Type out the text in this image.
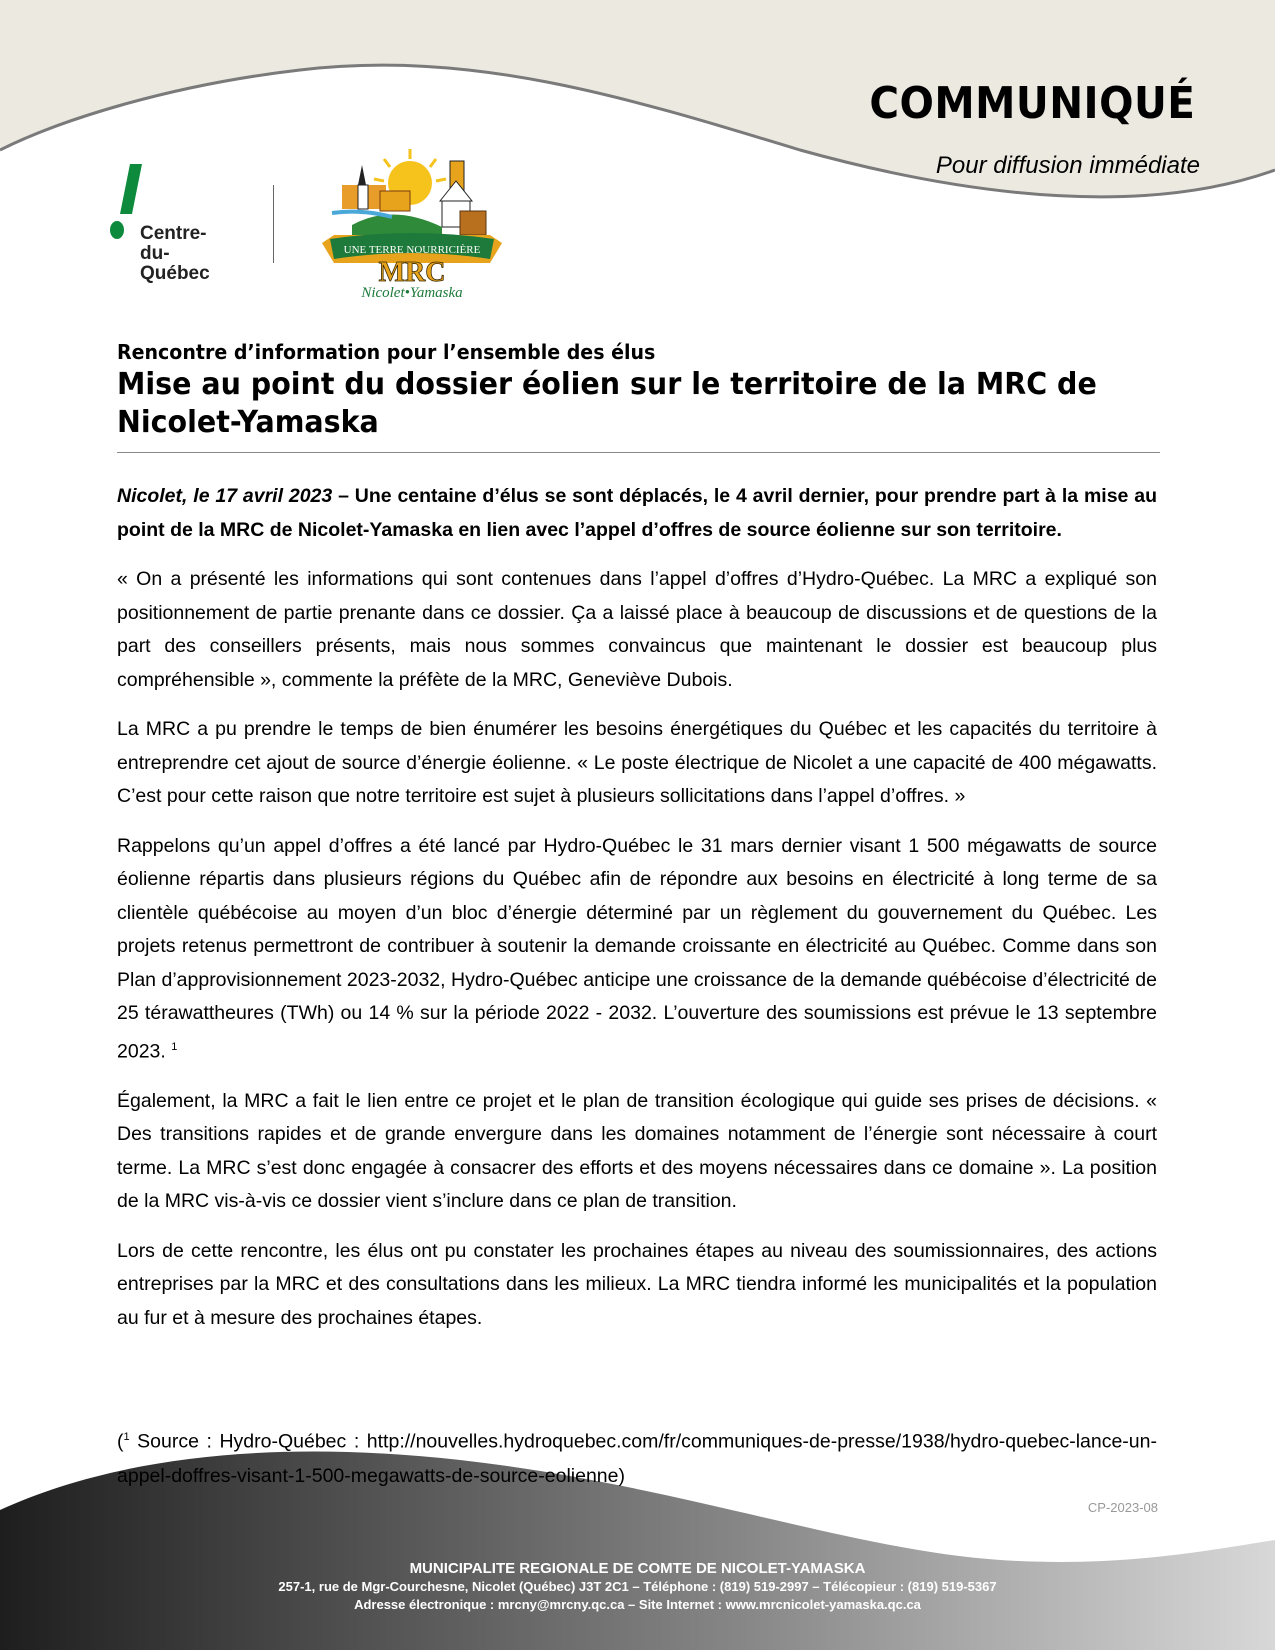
COMMUNIQUÉ
Pour diffusion immédiate
Centre-
du-
Québec
UNE TERRE NOURRICIÈRE
MRC
Nicolet•Yamaska
Rencontre d’information pour l’ensemble des élus
Mise au point du dossier éolien sur le territoire de la MRC de Nicolet-Yamaska

Nicolet, le 17 avril 2023 – Une centaine d’élus se sont déplacés, le 4 avril dernier, pour prendre part à la mise au point de la MRC de Nicolet-Yamaska en lien avec l’appel d’offres de source éolienne sur son territoire.

« On a présenté les informations qui sont contenues dans l’appel d’offres d’Hydro-Québec. La MRC a expliqué son positionnement de partie prenante dans ce dossier. Ça a laissé place à beaucoup de discussions et de questions de la part des conseillers présents, mais nous sommes convaincus que maintenant le dossier est beaucoup plus compréhensible », commente la préfète de la MRC, Geneviève Dubois.

La MRC a pu prendre le temps de bien énumérer les besoins énergétiques du Québec et les capacités du territoire à entreprendre cet ajout de source d’énergie éolienne. « Le poste électrique de Nicolet a une capacité de 400 mégawatts. C’est pour cette raison que notre territoire est sujet à plusieurs sollicitations dans l’appel d’offres. »

Rappelons qu’un appel d’offres a été lancé par Hydro-Québec le 31 mars dernier visant 1 500 mégawatts de source éolienne répartis dans plusieurs régions du Québec afin de répondre aux besoins en électricité à long terme de sa clientèle québécoise au moyen d’un bloc d’énergie déterminé par un règlement du gouvernement du Québec. Les projets retenus permettront de contribuer à soutenir la demande croissante en électricité au Québec. Comme dans son Plan d’approvisionnement 2023-2032, Hydro-Québec anticipe une croissance de la demande québécoise d’électricité de 25 térawattheures (TWh) ou 14 % sur la période 2022 - 2032. L’ouverture des soumissions est prévue le 13 septembre 2023. $^1$

Également, la MRC a fait le lien entre ce projet et le plan de transition écologique qui guide ses prises de décisions. « Des transitions rapides et de grande envergure dans les domaines notamment de l’énergie sont nécessaire à court terme. La MRC s’est donc engagée à consacrer des efforts et des moyens nécessaires dans ce domaine ». La position de la MRC vis-à-vis ce dossier vient s’inclure dans ce plan de transition.

Lors de cette rencontre, les élus ont pu constater les prochaines étapes au niveau des soumissionnaires, des actions entreprises par la MRC et des consultations dans les milieux. La MRC tiendra informé les municipalités et la population au fur et à mesure des prochaines étapes.

($^1$ Source : Hydro-Québec : http://nouvelles.hydroquebec.com/fr/communiques-de-presse/1938/hydro-quebec-lance-un-appel-doffres-visant-1-500-megawatts-de-source-eolienne)
CP-2023-08
MUNICIPALITE REGIONALE DE COMTE DE NICOLET-YAMASKA
257-1, rue de Mgr-Courchesne, Nicolet (Québec) J3T 2C1 – Téléphone : (819) 519-2997 – Télécopieur : (819) 519-5367
Adresse électronique : mrcny@mrcny.qc.ca – Site Internet : www.mrcnicolet-yamaska.qc.ca
